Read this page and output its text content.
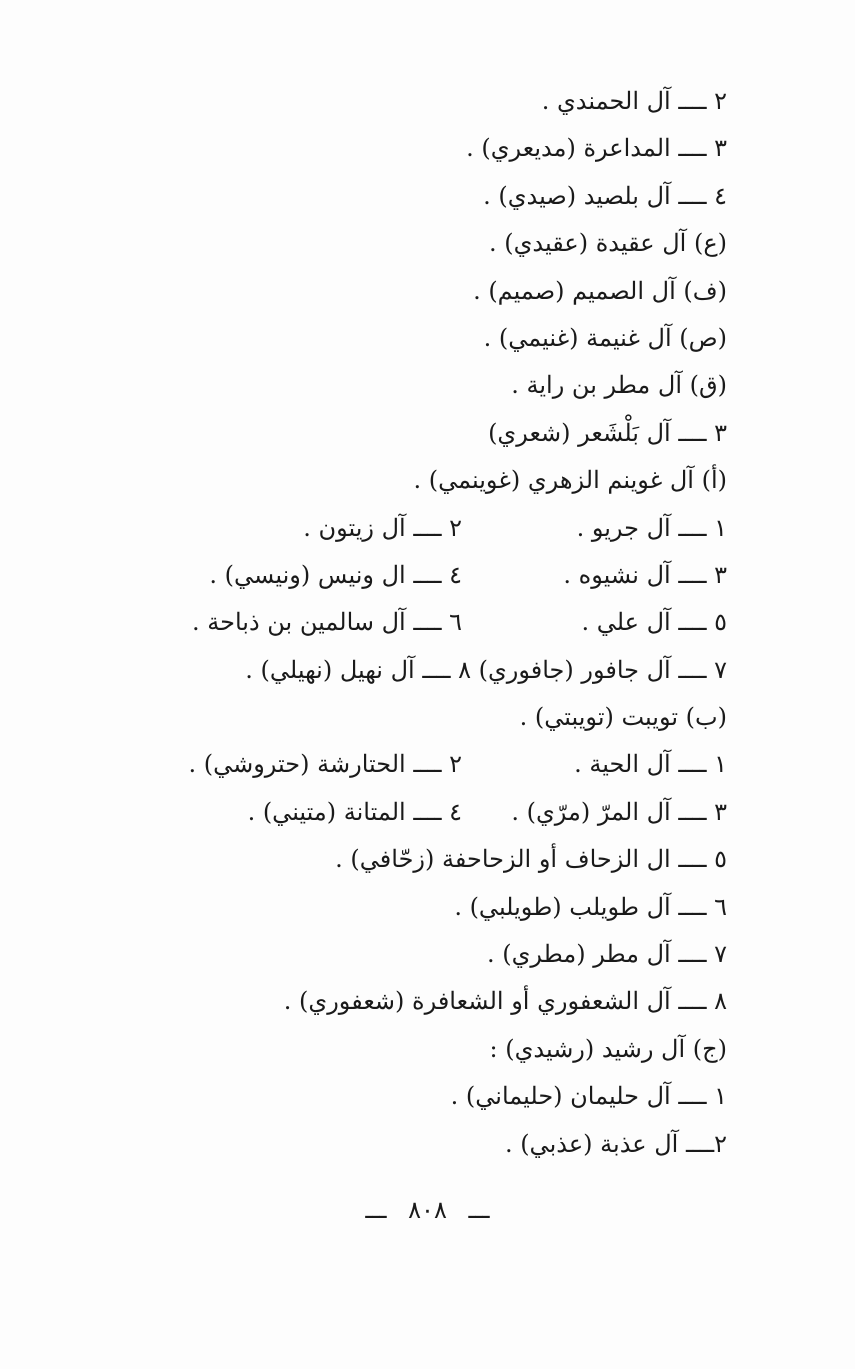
٢ ــــ آل الحمندي .
٣ ــــ المداعرة (مديعري) .
٤ ــــ آل بلصيد (صيدي) .
(ع) آل عقيدة (عقيدي) .
(ف) آل الصميم (صميم) .
(ص) آل غنيمة (غنيمي) .
(ق) آل مطر بن راية .
٣ ــــ آل بَلْشَعر (شعري)
(أ) آل غوينم الزهري (غوينمي) .
١ ــــ آل جريو .
٢ ــــ آل زيتون .
٣ ــــ آل نشيوه .
٤ ــــ ال ونيس (ونيسي) .
٥ ــــ آل علي .
٦ ــــ آل سالمين بن ذباحة .
٧ ــــ آل جافور (جافوري) ٨ ــــ آل نهيل (نهيلي) .
(ب) تويبت (تويبتي) .
١ ــــ آل الحية .
٢ ــــ الحتارشة (حتروشي) .
٣ ــــ آل المرّ (مرّي) .
٤ ــــ المتانة (متيني) .
٥ ــــ ال الزحاف أو الزحاحفة (زحّافي) .
٦ ــــ آل طويلب (طويلبي) .
٧ ــــ آل مطر (مطري) .
٨ ــــ آل الشعفوري أو الشعافرة (شعفوري) .
(ج) آل رشيد (رشيدي) :
١ ــــ آل حليمان (حليماني) .
٢ــــ آل عذبة (عذبي) .
ـــ ٨٠٨ ـــ
